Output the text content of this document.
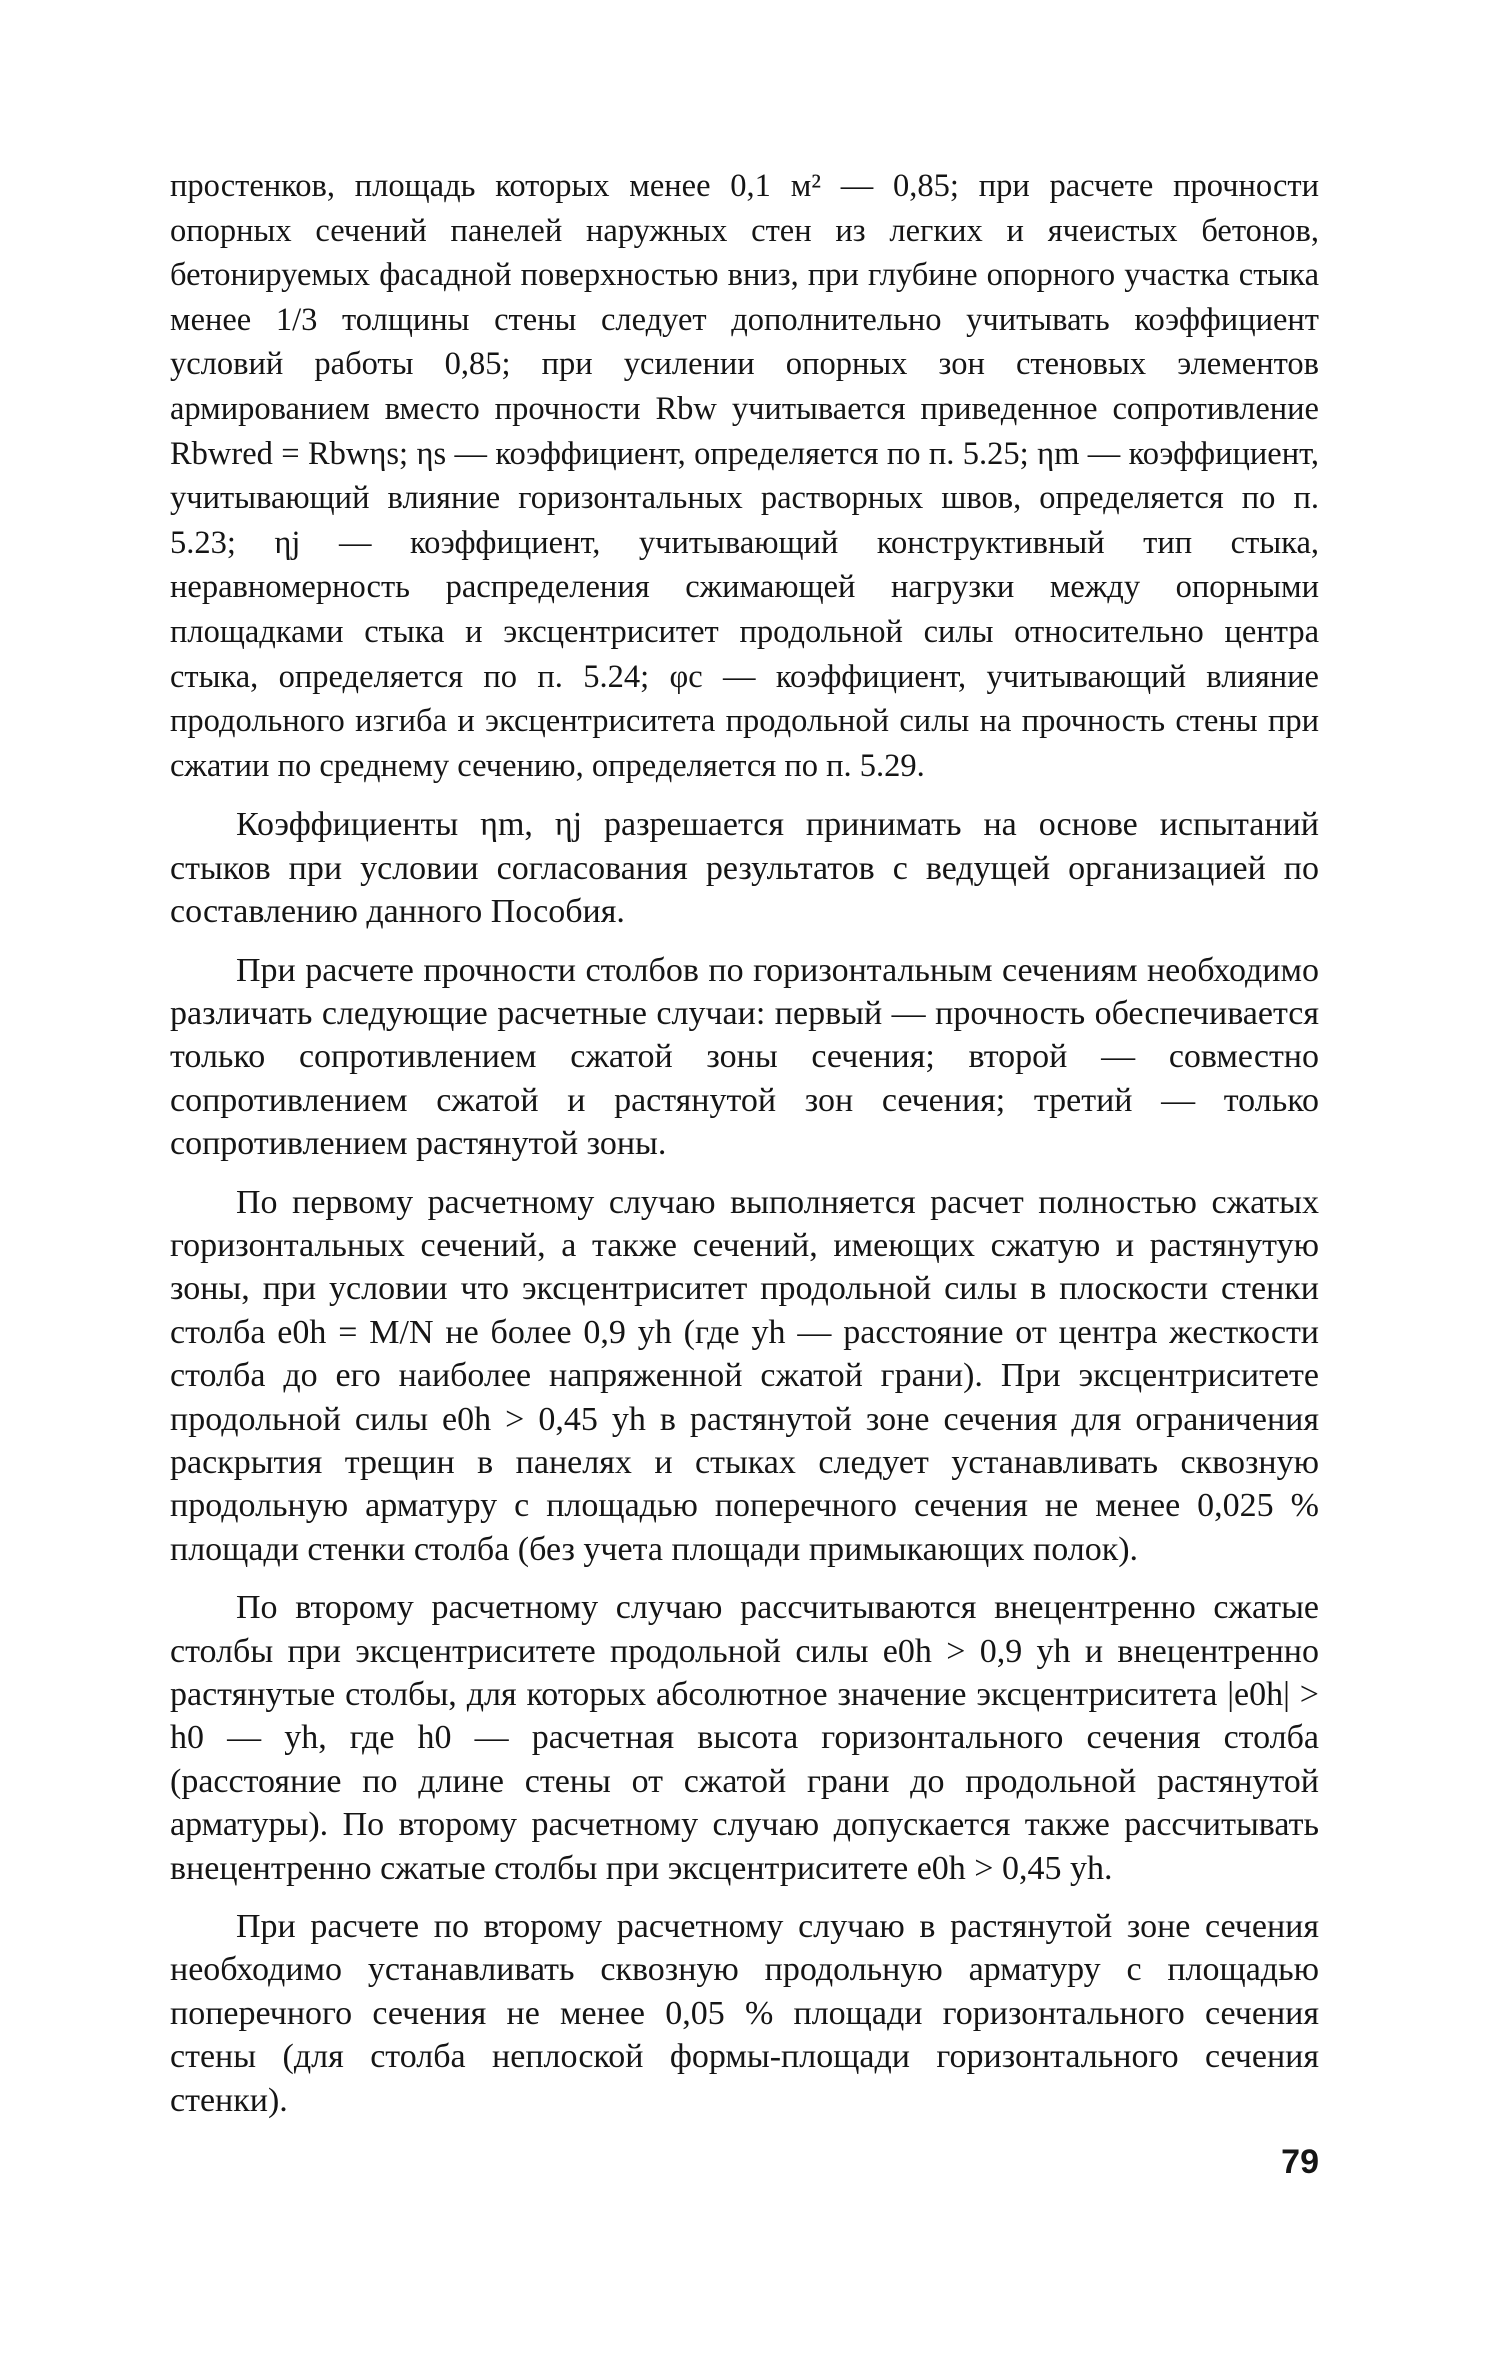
простенков, площадь которых менее 0,1 м² — 0,85; при расчете прочности опорных сечений панелей наружных стен из легких и ячеистых бетонов, бетонируемых фасадной поверхностью вниз, при глубине опорного участка стыка менее 1/3 толщины стены следует дополнительно учитывать коэффициент условий работы 0,85; при усилении опорных зон стеновых элементов армированием вместо прочности Rbw учитывается приведенное сопротивление Rbwred = Rbwηs; ηs — коэффициент, определяется по п. 5.25; ηm — коэффициент, учитывающий влияние горизонтальных растворных швов, определяется по п. 5.23; ηj — коэффициент, учитывающий конструктивный тип стыка, неравномерность распределения сжимающей нагрузки между опорными площадками стыка и эксцентриситет продольной силы относительно центра стыка, определяется по п. 5.24; φc — коэффициент, учитывающий влияние продольного изгиба и эксцентриситета продольной силы на прочность стены при сжатии по среднему сечению, определяется по п. 5.29.

Коэффициенты ηm, ηj разрешается принимать на основе испытаний стыков при условии согласования результатов с ведущей организацией по составлению данного Пособия.

При расчете прочности столбов по горизонтальным сечениям необходимо различать следующие расчетные случаи: первый — прочность обеспечивается только сопротивлением сжатой зоны сечения; второй — совместно сопротивлением сжатой и растянутой зон сечения; третий — только сопротивлением растянутой зоны.

По первому расчетному случаю выполняется расчет полностью сжатых горизонтальных сечений, а также сечений, имеющих сжатую и растянутую зоны, при условии что эксцентриситет продольной силы в плоскости стенки столба e0h = M/N не более 0,9 yh (где yh — расстояние от центра жесткости столба до его наиболее напряженной сжатой грани). При эксцентриситете продольной силы e0h > 0,45 yh в растянутой зоне сечения для ограничения раскрытия трещин в панелях и стыках следует устанавливать сквозную продольную арматуру с площадью поперечного сечения не менее 0,025 % площади стенки столба (без учета площади примыкающих полок).

По второму расчетному случаю рассчитываются внецентренно сжатые столбы при эксцентриситете продольной силы e0h > 0,9 yh и внецентренно растянутые столбы, для которых абсолютное значение эксцентриситета |e0h| > h0 — yh, где h0 — расчетная высота горизонтального сечения столба (расстояние по длине стены от сжатой грани до продольной растянутой арматуры). По второму расчетному случаю допускается также рассчитывать внецентренно сжатые столбы при эксцентриситете e0h > 0,45 yh.

При расчете по второму расчетному случаю в растянутой зоне сечения необходимо устанавливать сквозную продольную арматуру с площадью поперечного сечения не менее 0,05 % площади горизонтального сечения стены (для столба неплоской формы-площади горизонтального сечения стенки).

79
